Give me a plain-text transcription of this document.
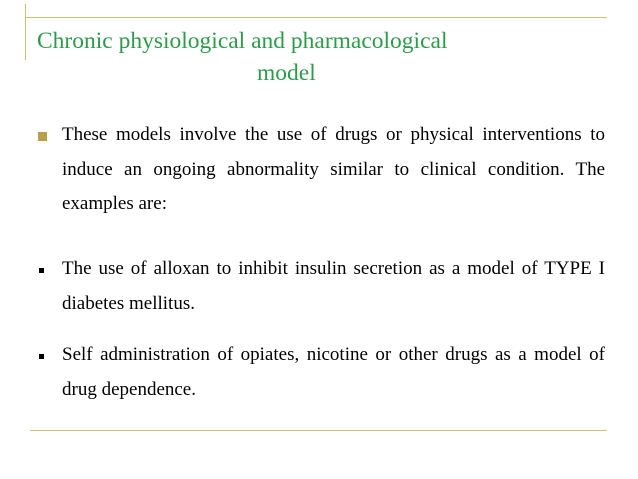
Chronic physiological and pharmacological
model
These models involve the use of drugs or physical interventions to induce an ongoing abnormality similar to clinical condition. The examples are:
The use of alloxan to inhibit insulin secretion as a model of TYPE I diabetes mellitus.
Self administration of opiates, nicotine or other drugs as a model of drug dependence.
